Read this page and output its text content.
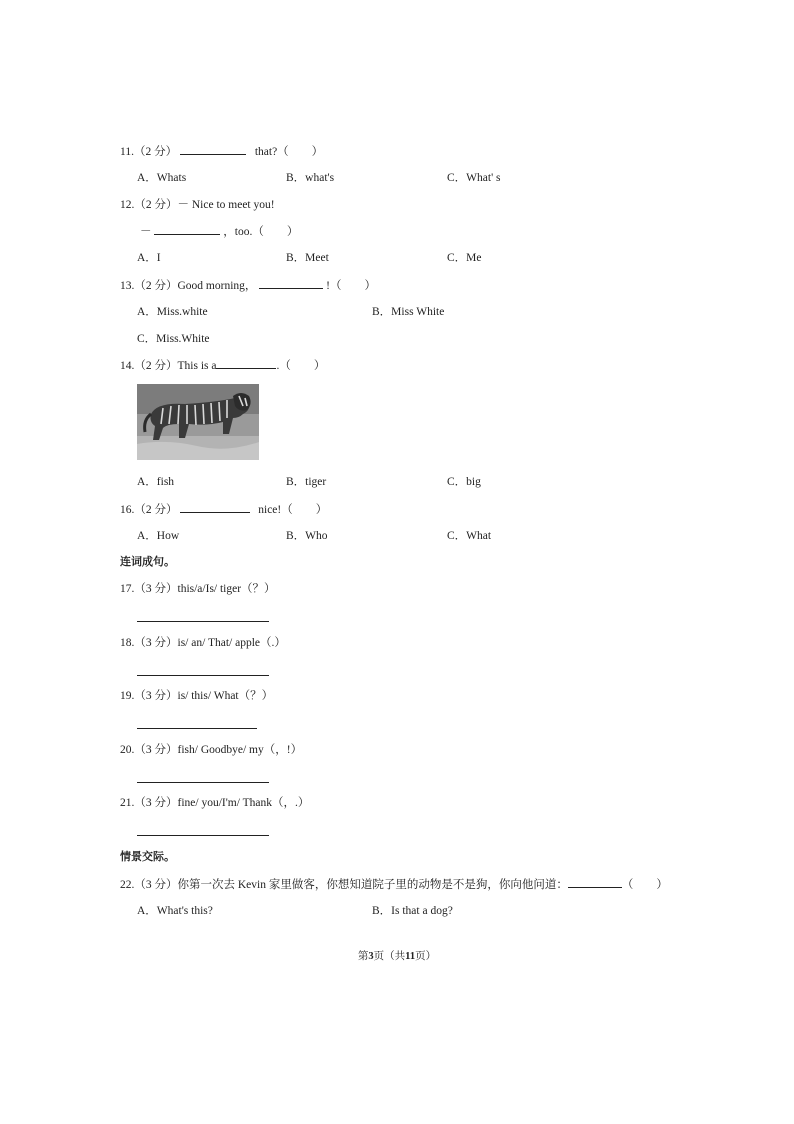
11.（2 分）	that?（　　）
A．Whats	B．what's	C．What' s
12.（2 分）－ Nice to meet you!
－	，too.（　　）
A．I	B．Meet	C．Me
13.（2 分）Good morning，	!（　　）
A．Miss.white	B．Miss White
C．Miss.White
14.（2 分）This is a	.（　　）
A．fish	B．tiger	C．big
16.（2 分）	nice!（　　）
A．How	B．Who	C．What
连词成句。
17.（3 分）this/a/Is/ tiger（？）
18.（3 分）is/ an/ That/ apple（.）
19.（3 分）is/ this/ What（？）
20.（3 分）fish/ Goodbye/ my（，!）
21.（3 分）fine/ you/I'm/ Thank（，.）
情景交际。
22.（3 分）你第一次去 Kevin 家里做客，你想知道院子里的动物是不是狗，你向他问道：	（　　）
A．What's this?	B．Is that a dog?
第3页（共11页）
